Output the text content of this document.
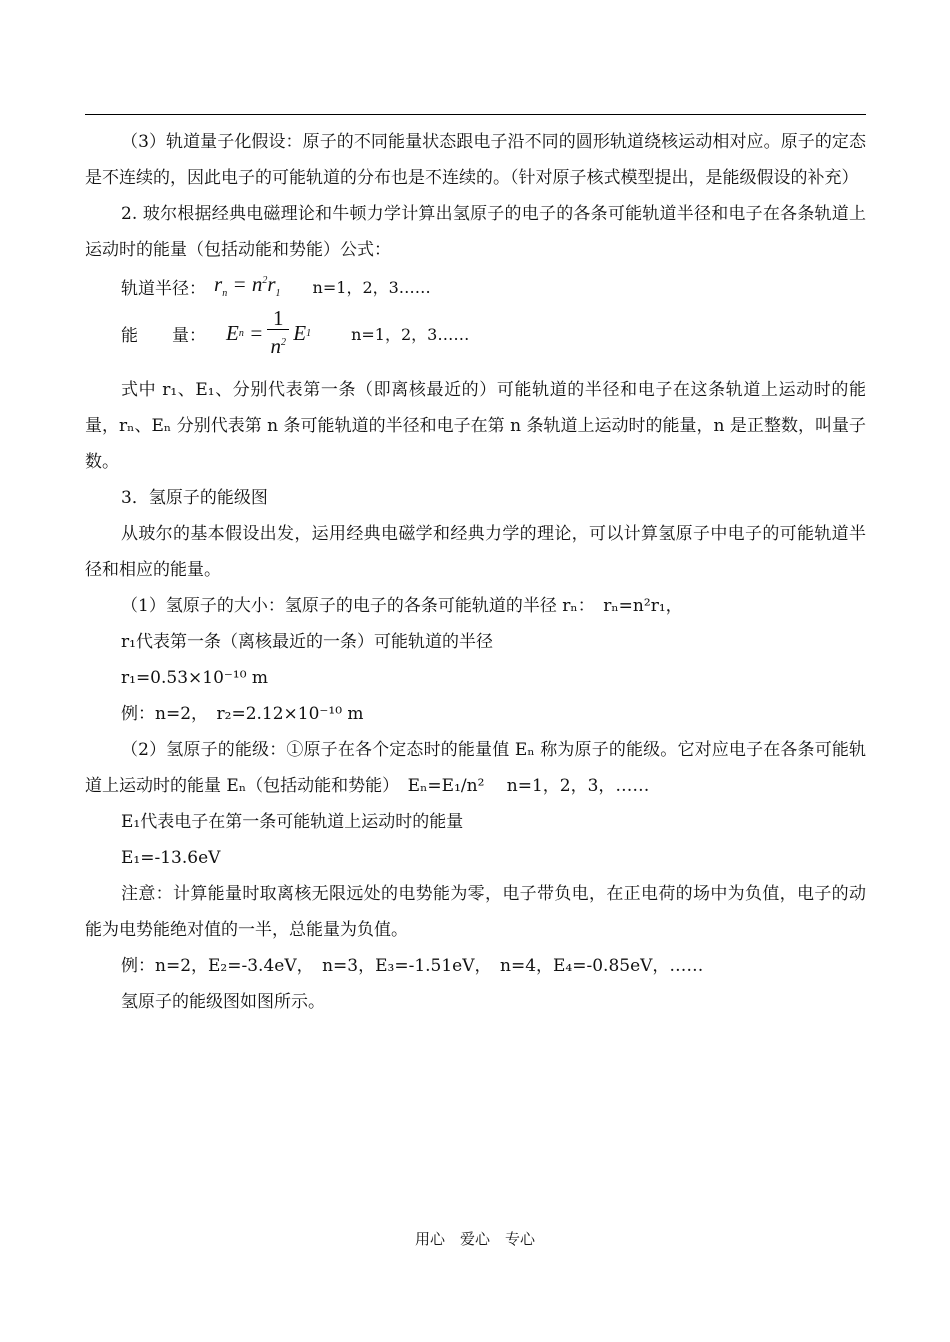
（3）轨道量子化假设：原子的不同能量状态跟电子沿不同的圆形轨道绕核运动相对应。原子的定态是不连续的，因此电子的可能轨道的分布也是不连续的。（针对原子核式模型提出，是能级假设的补充）

2. 玻尔根据经典电磁理论和牛顿力学计算出氢原子的电子的各条可能轨道半径和电子在各条轨道上运动时的能量（包括动能和势能）公式：

轨道半径： $r_n = n^2r_1$ n=1，2，3……
能　　量： E $n = \frac{1}{n^2}$ E 1	n=1，2，3……

式中 r₁、E₁、分别代表第一条（即离核最近的）可能轨道的半径和电子在这条轨道上运动时的能量，rₙ、Eₙ 分别代表第 n 条可能轨道的半径和电子在第 n 条轨道上运动时的能量，n 是正整数，叫量子数。

3．氢原子的能级图

从玻尔的基本假设出发，运用经典电磁学和经典力学的理论，可以计算氢原子中电子的可能轨道半径和相应的能量。

（1）氢原子的大小：氢原子的电子的各条可能轨道的半径 rₙ：　rₙ=n²r₁，

r₁代表第一条（离核最近的一条）可能轨道的半径

r₁=0.53×10⁻¹⁰ m

例：n=2，　r₂=2.12×10⁻¹⁰ m

（2）氢原子的能级：①原子在各个定态时的能量值 Eₙ 称为原子的能级。它对应电子在各条可能轨道上运动时的能量 Eₙ（包括动能和势能）　Eₙ=E₁/n²　 n=1，2，3，……

E₁代表电子在第一条可能轨道上运动时的能量

E₁=-13.6eV

注意：计算能量时取离核无限远处的电势能为零，电子带负电，在正电荷的场中为负值，电子的动能为电势能绝对值的一半，总能量为负值。

例：n=2，E₂=-3.4eV，　n=3，E₃=-1.51eV，　n=4，E₄=-0.85eV，……

氢原子的能级图如图所示。

用心　爱心　专心
